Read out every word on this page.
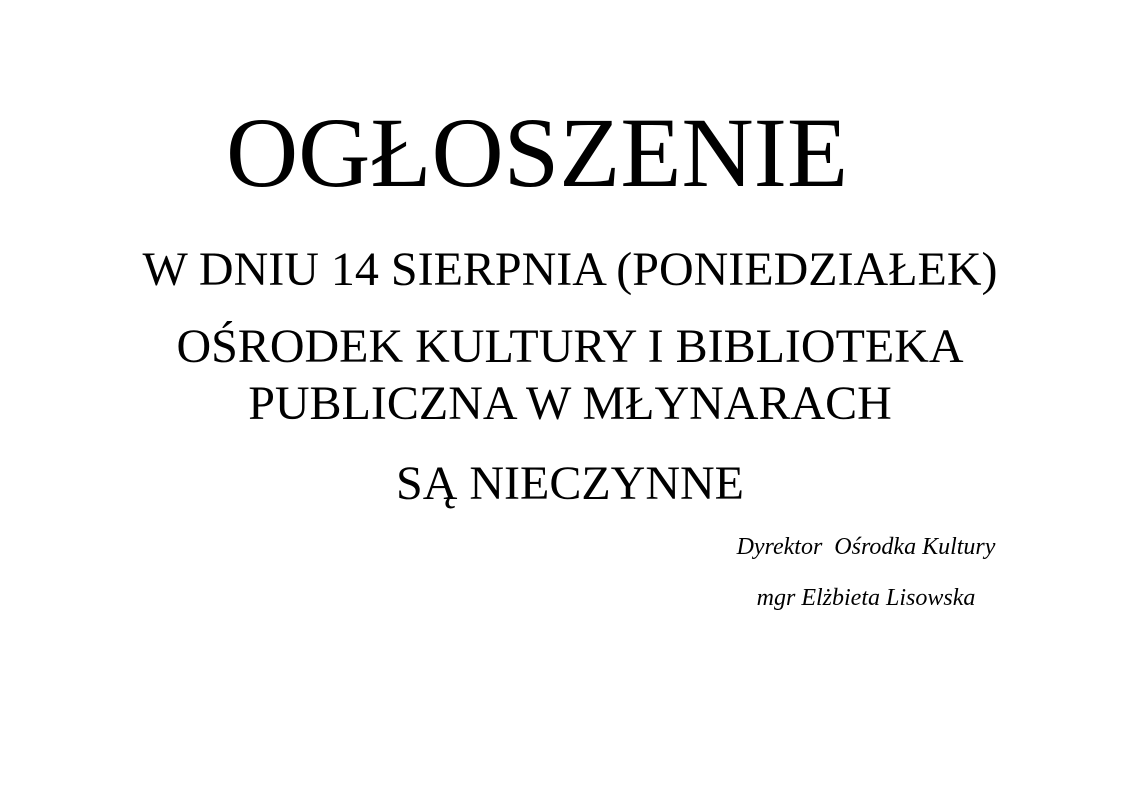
OGŁOSZENIE

W DNIU 14 SIERPNIA (PONIEDZIAŁEK)

OŚRODEK KULTURY I BIBLIOTEKA PUBLICZNA W MŁYNARACH

SĄ NIECZYNNE

Dyrektor  Ośrodka Kultury
mgr Elżbieta Lisowska
